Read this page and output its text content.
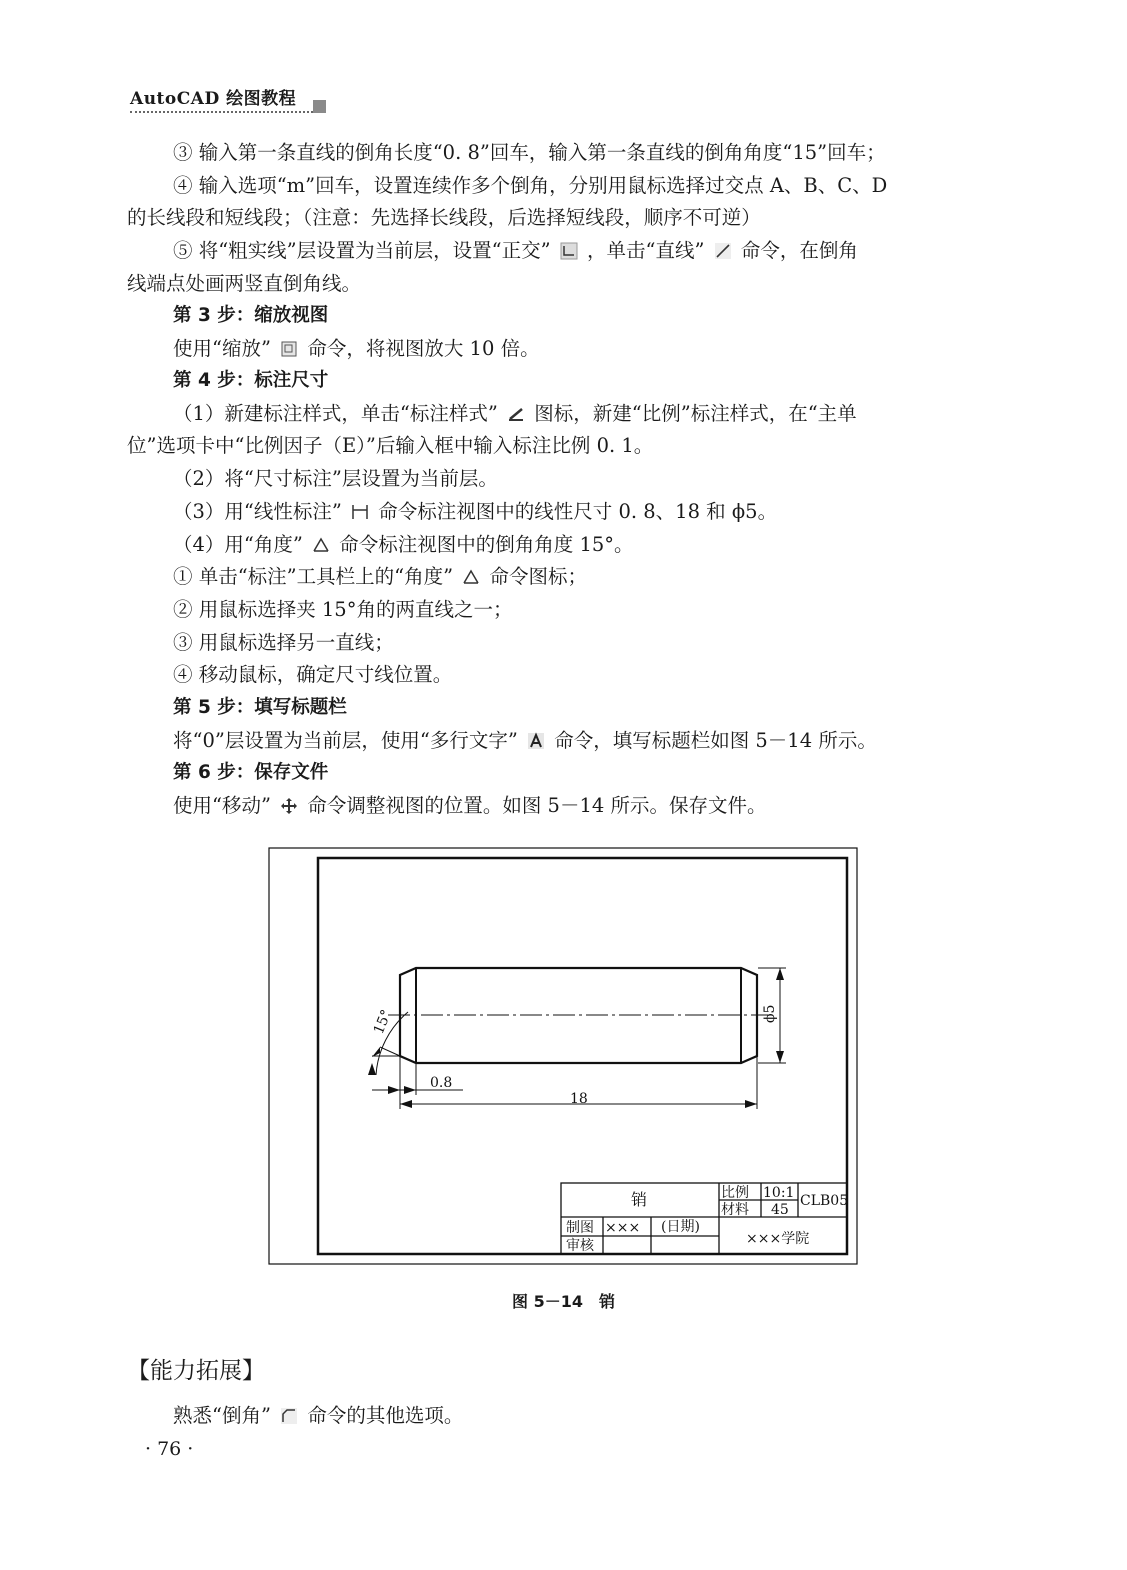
AutoCAD 绘图教程
③ 输入第一条直线的倒角长度“0. 8”回车，输入第一条直线的倒角角度“15”回车；
④ 输入选项“m”回车，设置连续作多个倒角，分别用鼠标选择过交点 A、B、C、D
的长线段和短线段；（注意：先选择长线段，后选择短线段，顺序不可逆）
⑤ 将“粗实线”层设置为当前层，设置“正交” ，单击“直线” 命令，在倒角
线端点处画两竖直倒角线。
第 3 步：缩放视图
使用“缩放” 命令，将视图放大 10 倍。
第 4 步：标注尺寸
（1）新建标注样式，单击“标注样式” 图标，新建“比例”标注样式，在“主单
位”选项卡中“比例因子（E）”后输入框中输入标注比例 0. 1。
（2）将“尺寸标注”层设置为当前层。
（3）用“线性标注” 命令标注视图中的线性尺寸 0. 8、18 和 ϕ5。
（4）用“角度” 命令标注视图中的倒角角度 15°。
① 单击“标注”工具栏上的“角度” 命令图标；
② 用鼠标选择夹 15°角的两直线之一；
③ 用鼠标选择另一直线；
④ 移动鼠标，确定尺寸线位置。
第 5 步：填写标题栏
将“0”层设置为当前层，使用“多行文字” 命令，填写标题栏如图 5－14 所示。
第 6 步：保存文件
使用“移动” 命令调整视图的位置。如图 5－14 所示。保存文件。
0.8
18
ϕ5
15°
销	比例 10:1
材料 45
CLB05
制图 ××× (日期)
审核	×××学院
图 5－14　销
【能力拓展】
熟悉“倒角” 命令的其他选项。
· 76 ·
